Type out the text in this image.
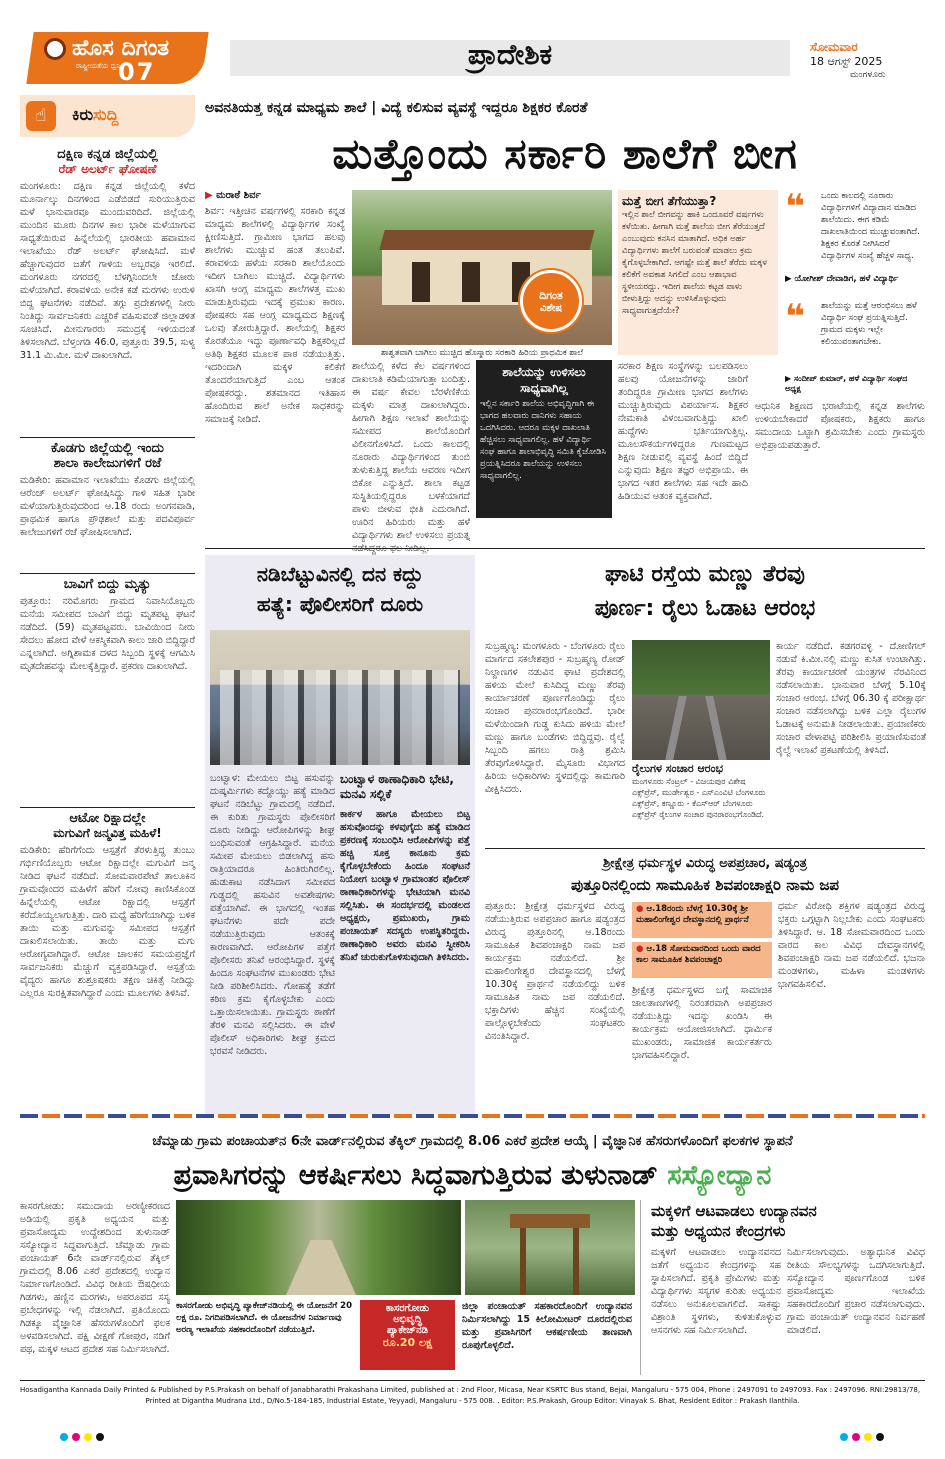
ಹೊಸ ದಿಗಂತ
ರಾಷ್ಟ್ರೀಯತೆಯ ಧ್ವನಿ
07
ಪ್ರಾದೇಶಿಕ	ಸೋಮವಾರ
18 ಆಗಸ್ಟ್ 2025
ಮಂಗಳೂರು
☝	ಕಿರುಸುದ್ದಿ
ದಕ್ಷಿಣ ಕನ್ನಡ ಜಿಲ್ಲೆಯಲ್ಲಿ
ರೆಡ್ ಅಲರ್ಟ್ ಘೋಷಣೆ
ಮಂಗಳೂರು: ದಕ್ಷಿಣ ಕನ್ನಡ ಜಿಲ್ಲೆಯಲ್ಲಿ ಕಳೆದ ಮೂರ್ನಾಲ್ಕು ದಿನಗಳಿಂದ ಎಡೆಬಿಡದೆ ಸುರಿಯುತ್ತಿರುವ ಮಳೆ ಭಾನುವಾರವೂ ಮುಂದುವರಿದಿದೆ. ಜಿಲ್ಲೆಯಲ್ಲಿ ಮುಂದಿನ ಮೂರು ದಿನಗಳ ಕಾಲ ಭಾರೀ ಮಳೆಯಾಗುವ ಸಾಧ್ಯತೆಯಿರುವ ಹಿನ್ನೆಲೆಯಲ್ಲಿ ಭಾರತೀಯ ಹವಾಮಾನ ಇಲಾಖೆಯು ರೆಡ್ ಅಲರ್ಟ್ ಘೋಷಿಸಿದೆ. ಮಳೆ ಹೆಚ್ಚಾಗುವುದರ ಜತೆಗೆ ಗಾಳಿಯ ಅಬ್ಬರವೂ ಇರಲಿದೆ. ಮಂಗಳೂರು ನಗರದಲ್ಲಿ ಬೆಳಗ್ಗಿನಿಂದಲೇ ಜೋರು ಮಳೆಯಾಗಿದೆ. ಕರಾವಳಿಯ ಅನೇಕ ಕಡೆ ಮರಗಳು ಉರುಳಿ ಬಿದ್ದ ಘಟನೆಗಳು ನಡೆದಿವೆ. ತಗ್ಗು ಪ್ರದೇಶಗಳಲ್ಲಿ ನೀರು ನಿಂತಿದ್ದು ಸಾರ್ವಜನಿಕರು ಎಚ್ಚರಿಕೆ ವಹಿಸುವಂತೆ ಜಿಲ್ಲಾಡಳಿತ ಸೂಚಿಸಿದೆ. ಮೀನುಗಾರರು ಸಮುದ್ರಕ್ಕೆ ಇಳಿಯದಂತೆ ತಿಳಿಸಲಾಗಿದೆ. ಬೆಳ್ತಂಗಡಿ 46.0, ಪುತ್ತೂರು 39.5, ಸುಳ್ಯ 31.1 ಮಿ.ಮೀ. ಮಳೆ ದಾಖಲಾಗಿದೆ.
ಕೊಡಗು ಜಿಲ್ಲೆಯಲ್ಲಿ ಇಂದು
ಶಾಲಾ ಕಾಲೇಜುಗಳಿಗೆ ರಜೆ
ಮಡಿಕೇರಿ: ಹವಾಮಾನ ಇಲಾಖೆಯು ಕೊಡಗು ಜಿಲ್ಲೆಯಲ್ಲಿ ಆರೆಂಜ್ ಅಲರ್ಟ್ ಘೋಷಿಸಿದ್ದು ಗಾಳಿ ಸಹಿತ ಭಾರೀ ಮಳೆಯಾಗುತ್ತಿರುವುದರಿಂದ ಆ.18 ರಂದು ಅಂಗನವಾಡಿ, ಪ್ರಾಥಮಿಕ ಹಾಗೂ ಪ್ರೌಢಶಾಲೆ ಮತ್ತು ಪದವಿಪೂರ್ವ ಕಾಲೇಜುಗಳಿಗೆ ರಜೆ ಘೋಷಿಸಲಾಗಿದೆ.
ಬಾವಿಗೆ ಬಿದ್ದು ಮೃತ್ಯು
ಪುತ್ತೂರು: ನರಿಮೊಗರು ಗ್ರಾಮದ ನಿವಾಸಿಯೊಬ್ಬರು ಮನೆಯ ಸಮೀಪದ ಬಾವಿಗೆ ಬಿದ್ದು ಮೃತಪಟ್ಟ ಘಟನೆ ನಡೆದಿದೆ. (59) ಮೃತಪಟ್ಟವರು. ಬಾವಿಯಿಂದ ನೀರು ಸೇದಲು ಹೋದ ವೇಳೆ ಆಕಸ್ಮಿಕವಾಗಿ ಕಾಲು ಜಾರಿ ಬಿದ್ದಿದ್ದಾರೆ ಎನ್ನಲಾಗಿದೆ. ಅಗ್ನಿಶಾಮಕ ದಳದ ಸಿಬ್ಬಂದಿ ಸ್ಥಳಕ್ಕೆ ಆಗಮಿಸಿ ಮೃತದೇಹವನ್ನು ಮೇಲಕ್ಕೆತ್ತಿದ್ದಾರೆ. ಪ್ರಕರಣ ದಾಖಲಾಗಿದೆ.
ಆಟೋ ರಿಕ್ಷಾದಲ್ಲೇ
ಮಗುವಿಗೆ ಜನ್ಮವಿತ್ತ ಮಹಿಳೆ!
ಮಡಿಕೇರಿ: ಹೆರಿಗೆಗೆಂದು ಆಸ್ಪತ್ರೆಗೆ ತೆರಳುತ್ತಿದ್ದ ತುಂಬು ಗರ್ಭಿಣಿಯೊಬ್ಬರು ಆಟೋ ರಿಕ್ಷಾದಲ್ಲೇ ಮಗುವಿಗೆ ಜನ್ಮ ನೀಡಿದ ಘಟನೆ ನಡೆದಿದೆ. ಸೋಮವಾರಪೇಟೆ ತಾಲೂಕಿನ ಗ್ರಾಮವೊಂದರ ಮಹಿಳೆಗೆ ಹೆರಿಗೆ ನೋವು ಕಾಣಿಸಿಕೊಂಡ ಹಿನ್ನೆಲೆಯಲ್ಲಿ ಆಟೋ ರಿಕ್ಷಾದಲ್ಲಿ ಆಸ್ಪತ್ರೆಗೆ ಕರೆದೊಯ್ಯಲಾಗುತ್ತಿತ್ತು. ದಾರಿ ಮಧ್ಯೆ ಹೆರಿಗೆಯಾಗಿದ್ದು ಬಳಿಕ ತಾಯಿ ಮತ್ತು ಮಗುವನ್ನು ಸಮೀಪದ ಆಸ್ಪತ್ರೆಗೆ ದಾಖಲಿಸಲಾಯಿತು. ತಾಯಿ ಮತ್ತು ಮಗು ಆರೋಗ್ಯವಾಗಿದ್ದಾರೆ. ಆಟೋ ಚಾಲಕನ ಸಮಯಪ್ರಜ್ಞೆಗೆ ಸಾರ್ವಜನಿಕರು ಮೆಚ್ಚುಗೆ ವ್ಯಕ್ತಪಡಿಸಿದ್ದಾರೆ. ಆಸ್ಪತ್ರೆಯ ವೈದ್ಯರು ಹಾಗೂ ಶುಶ್ರೂಷಕರು ತಕ್ಷಣ ಚಿಕಿತ್ಸೆ ನೀಡಿದ್ದು ಎಲ್ಲರೂ ಸುರಕ್ಷಿತವಾಗಿದ್ದಾರೆ ಎಂದು ಮೂಲಗಳು ತಿಳಿಸಿವೆ.
ಅವನತಿಯತ್ತ ಕನ್ನಡ ಮಾಧ್ಯಮ ಶಾಲೆ | ವಿದ್ಯೆ ಕಲಿಸುವ ವ್ಯವಸ್ಥೆ ಇದ್ದರೂ ಶಿಕ್ಷಕರ ಕೊರತೆ
ಮತ್ತೊಂದು ಸರ್ಕಾರಿ ಶಾಲೆಗೆ ಬೀಗ
▶ ಮರಾಠೆ ಶಿರ್ವ
ಶಿರ್ವ: ಇತ್ತೀಚಿನ ವರ್ಷಗಳಲ್ಲಿ ಸರಕಾರಿ ಕನ್ನಡ ಮಾಧ್ಯಮ ಶಾಲೆಗಳಲ್ಲಿ ವಿದ್ಯಾರ್ಥಿಗಳ ಸಂಖ್ಯೆ ಕ್ಷೀಣಿಸುತ್ತಿದೆ. ಗ್ರಾಮೀಣ ಭಾಗದ ಹಲವು ಶಾಲೆಗಳು ಮುಚ್ಚುವ ಹಂತ ತಲುಪಿವೆ. ಕರಾವಳಿಯ ಹಳೆಯ ಸರಕಾರಿ ಶಾಲೆಯೊಂದು ಇದೀಗ ಬಾಗಿಲು ಮುಚ್ಚಿದೆ. ವಿದ್ಯಾರ್ಥಿಗಳು ಖಾಸಗಿ ಆಂಗ್ಲ ಮಾಧ್ಯಮ ಶಾಲೆಗಳತ್ತ ಮುಖ ಮಾಡುತ್ತಿರುವುದು ಇದಕ್ಕೆ ಪ್ರಮುಖ ಕಾರಣ. ಪೋಷಕರು ಸಹ ಆಂಗ್ಲ ಮಾಧ್ಯಮದ ಶಿಕ್ಷಣಕ್ಕೆ ಒಲವು ತೋರುತ್ತಿದ್ದಾರೆ. ಶಾಲೆಯಲ್ಲಿ ಶಿಕ್ಷಕರ ಕೊರತೆಯೂ ಇದ್ದು ಪೂರ್ಣಾವಧಿ ಶಿಕ್ಷಕರಿಲ್ಲದೆ ಅತಿಥಿ ಶಿಕ್ಷಕರ ಮೂಲಕ ಪಾಠ ನಡೆಯುತ್ತಿತ್ತು. ಇದರಿಂದಾಗಿ ಮಕ್ಕಳ ಕಲಿಕೆಗೆ ತೊಂದರೆಯಾಗುತ್ತಿದೆ ಎಂಬ ಆತಂಕ ಪೋಷಕರದ್ದು. ಶತಮಾನದ ಇತಿಹಾಸ ಹೊಂದಿರುವ ಶಾಲೆ ಅನೇಕ ಸಾಧಕರನ್ನು ಸಮಾಜಕ್ಕೆ ನೀಡಿದೆ.
ದಿಗಂತ
ವಿಶೇಷ
ಶಾಶ್ವತವಾಗಿ ಬಾಗಿಲು ಮುಚ್ಚಿದ ಹೊಸ್ಮಾರು ಸರಕಾರಿ ಹಿರಿಯ ಪ್ರಾಥಮಿಕ ಶಾಲೆ
ಶಾಲೆಯಲ್ಲಿ ಕಳೆದ ಕೆಲ ವರ್ಷಗಳಿಂದ ದಾಖಲಾತಿ ಕಡಿಮೆಯಾಗುತ್ತಾ ಬಂದಿತ್ತು. ಈ ವರ್ಷ ಕೇವಲ ಬೆರಳೆಣಿಕೆಯ ಮಕ್ಕಳು ಮಾತ್ರ ದಾಖಲಾಗಿದ್ದರು. ಹೀಗಾಗಿ ಶಿಕ್ಷಣ ಇಲಾಖೆ ಶಾಲೆಯನ್ನು ಸಮೀಪದ ಶಾಲೆಯೊಂದಿಗೆ ವಿಲೀನಗೊಳಿಸಿದೆ. ಒಂದು ಕಾಲದಲ್ಲಿ ನೂರಾರು ವಿದ್ಯಾರ್ಥಿಗಳಿಂದ ತುಂಬಿ ತುಳುಕುತ್ತಿದ್ದ ಶಾಲೆಯ ಆವರಣ ಇದೀಗ ಬಿಕೋ ಎನ್ನುತ್ತಿದೆ. ಶಾಲಾ ಕಟ್ಟಡ ಸುಸ್ಥಿತಿಯಲ್ಲಿದ್ದರೂ ಬಳಕೆಯಾಗದೆ ಪಾಳು ಬೀಳುವ ಭೀತಿ ಎದುರಾಗಿದೆ. ಊರಿನ ಹಿರಿಯರು ಮತ್ತು ಹಳೆ ವಿದ್ಯಾರ್ಥಿಗಳು ಶಾಲೆ ಉಳಿಸಲು ಪ್ರಯತ್ನ
ಶಾಲೆಯನ್ನು ಉಳಿಸಲು ಸಾಧ್ಯವಾಗಿಲ್ಲ
ಇಲ್ಲಿನ ಸರ್ಕಾರಿ ಶಾಲೆಯ ಅಭಿವೃದ್ಧಿಗಾಗಿ ಈ ಭಾಗದ ಹಲವಾರು ದಾನಿಗಳು ಸಹಾಯ ಒದಗಿಸಿದರು. ಆದರೂ ಮಕ್ಕಳ ದಾಖಲಾತಿ ಹೆಚ್ಚಿಸಲು ಸಾಧ್ಯವಾಗಲಿಲ್ಲ. ಹಳೆ ವಿದ್ಯಾರ್ಥಿ ಸಂಘ ಹಾಗೂ ಶಾಲಾಭಿವೃದ್ಧಿ ಸಮಿತಿ ಕೈಜೋಡಿಸಿ ಪ್ರಯತ್ನಿಸಿದರೂ ಶಾಲೆಯನ್ನು ಉಳಿಸಲು ಸಾಧ್ಯವಾಗಲಿಲ್ಲ.
ಸರಕಾರ ಶಿಕ್ಷಣ ಸಂಸ್ಥೆಗಳನ್ನು ಬಲಪಡಿಸಲು ಹಲವು ಯೋಜನೆಗಳನ್ನು ಜಾರಿಗೆ ತಂದಿದ್ದರೂ ಗ್ರಾಮೀಣ ಭಾಗದ ಶಾಲೆಗಳು ಮುಚ್ಚುತ್ತಿರುವುದು ವಿಪರ್ಯಾಸ. ಶಿಕ್ಷಕರ ನೇಮಕಾತಿ ವಿಳಂಬವಾಗುತ್ತಿದ್ದು ಖಾಲಿ ಹುದ್ದೆಗಳು ಭರ್ತಿಯಾಗುತ್ತಿಲ್ಲ. ಮೂಲಸೌಕರ್ಯಗಳಿದ್ದರೂ ಗುಣಮಟ್ಟದ ಶಿಕ್ಷಣ ನೀಡುವಲ್ಲಿ ವ್ಯವಸ್ಥೆ ಹಿಂದೆ ಬಿದ್ದಿದೆ ಎನ್ನುವುದು ಶಿಕ್ಷಣ ತಜ್ಞರ ಅಭಿಪ್ರಾಯ. ಈ ಭಾಗದ ಇತರ ಶಾಲೆಗಳು ಸಹ ಇದೇ ಹಾದಿ ಹಿಡಿಯುವ ಆತಂಕ ವ್ಯಕ್ತವಾಗಿದೆ.
ಮತ್ತೆ ಬೀಗ ತೆಗೆಯುತ್ತಾ?
ಇಲ್ಲಿನ ಶಾಲೆ ಬೀಗವನ್ನು ಹಾಕಿ ಒಂದೂವರೆ ವರ್ಷಗಳು ಕಳೆಯಿತು. ಹೀಗಾಗಿ ಮತ್ತೆ ಶಾಲೆಯ ಬೀಗ ತೆರೆಯುತ್ತದೆ ಎಂಬುವುದು ಕನಸಿನ ಮಾತಾಗಿದೆ. ಅಧಿಕ ಅರ್ಹ ವಿದ್ಯಾರ್ಥಿಗಳು ಶಾಲೆಗೆ ಬರುವಂತೆ ಮಾಡಲು ಕ್ರಮ ಕೈಗೊಳ್ಳಬೇಕಾಗಿದೆ. ಆಗಷ್ಟೇ ಮತ್ತೆ ಶಾಲೆ ತೆರೆದು ಮಕ್ಕಳ ಕಲಿಕೆಗೆ ಅವಕಾಶ ಸಿಗಲಿದೆ ಎಂಬ ಆಶಾಭಾವ ಸ್ಥಳೀಯರದ್ದು. ಇದೀಗ ಶಾಲೆಯ ಕಟ್ಟಡ ಪಾಳು ಬೀಳುತ್ತಿದ್ದು ಅದನ್ನು ಉಳಿಸಿಕೊಳ್ಳುವುದು ಸಾಧ್ಯವಾಗುತ್ತದೆಯೇ?
❝ ಒಂದು ಕಾಲದಲ್ಲಿ ನೂರಾರು ವಿದ್ಯಾರ್ಥಿಗಳಿಗೆ ವಿದ್ಯಾದಾನ ಮಾಡಿದ ಶಾಲೆಯಿದು. ಈಗ ಕಡಿಮೆ ದಾಖಲಾತಿಯಿಂದ ಮುಚ್ಚುವಂತಾಗಿದೆ. ಶಿಕ್ಷಕರ ಕೊರತೆ ನೀಗಿಸಿದರೆ ವಿದ್ಯಾರ್ಥಿಗಳ ಸಂಖ್ಯೆ ಹೆಚ್ಚಳ ಸಾಧ್ಯ.
▶ ಯೋಗೀಶ್ ದೇವಾಡಿಗ, ಹಳೆ ವಿದ್ಯಾರ್ಥಿ
❝ ಶಾಲೆಯನ್ನು ಮತ್ತೆ ಆರಂಭಿಸಲು ಹಳೆ ವಿದ್ಯಾರ್ಥಿ ಸಂಘ ಪ್ರಯತ್ನಿಸುತ್ತಿದೆ. ಗ್ರಾಮದ ಮಕ್ಕಳು ಇಲ್ಲೇ ಕಲಿಯುವಂತಾಗಬೇಕು.
▶ ಸಂದೀಪ್ ಕುಮಾರ್, ಹಳೆ ವಿದ್ಯಾರ್ಥಿ ಸಂಘದ ಅಧ್ಯಕ್ಷ
ಆಧುನಿಕ ಶಿಕ್ಷಣದ ಭರಾಟೆಯಲ್ಲಿ ಕನ್ನಡ ಶಾಲೆಗಳು ಉಳಿಯಬೇಕಾದರೆ ಪೋಷಕರು, ಶಿಕ್ಷಕರು ಹಾಗೂ ಸಮುದಾಯ ಒಟ್ಟಾಗಿ ಶ್ರಮಿಸಬೇಕು ಎಂದು ಗ್ರಾಮಸ್ಥರು ಅಭಿಪ್ರಾಯಪಡುತ್ತಾರೆ.
ನಡಿಬೆಟ್ಟುವಿನಲ್ಲಿ ದನ ಕದ್ದು
ಹತ್ಯೆ: ಪೊಲೀಸರಿಗೆ ದೂರು
ಬಂಟ್ವಾಳ: ಮೇಯಲು ಬಿಟ್ಟ ಹಸುವನ್ನು ದುಷ್ಕರ್ಮಿಗಳು ಕದ್ದೊಯ್ದು ಹತ್ಯೆ ಮಾಡಿದ ಘಟನೆ ನಡಿಬೆಟ್ಟು ಗ್ರಾಮದಲ್ಲಿ ನಡೆದಿದೆ. ಈ ಕುರಿತು ಗ್ರಾಮಸ್ಥರು ಪೊಲೀಸರಿಗೆ ದೂರು ನೀಡಿದ್ದು ಆರೋಪಿಗಳನ್ನು ಶೀಘ್ರ ಬಂಧಿಸುವಂತೆ ಆಗ್ರಹಿಸಿದ್ದಾರೆ. ಮನೆಯ ಸಮೀಪ ಮೇಯಲು ಬಿಡಲಾಗಿದ್ದ ಹಸು ರಾತ್ರಿಯಾದರೂ ಹಿಂತಿರುಗಿರಲಿಲ್ಲ. ಹುಡುಕಾಟ ನಡೆಸಿದಾಗ ಸಮೀಪದ ಗುಡ್ಡದಲ್ಲಿ ಹಸುವಿನ ಅವಶೇಷಗಳು ಪತ್ತೆಯಾಗಿವೆ. ಈ ಭಾಗದಲ್ಲಿ ಇಂತಹ ಘಟನೆಗಳು ಪದೇ ಪದೇ ನಡೆಯುತ್ತಿರುವುದು ಆತಂಕಕ್ಕೆ ಕಾರಣವಾಗಿದೆ. ಆರೋಪಿಗಳ ಪತ್ತೆಗೆ ಪೊಲೀಸರು ತನಿಖೆ ಆರಂಭಿಸಿದ್ದಾರೆ. ಸ್ಥಳಕ್ಕೆ ಹಿಂದೂ ಸಂಘಟನೆಗಳ ಮುಖಂಡರು ಭೇಟಿ ನೀಡಿ ಪರಿಶೀಲಿಸಿದರು. ಗೋಹತ್ಯೆ ತಡೆಗೆ ಕಠಿಣ ಕ್ರಮ ಕೈಗೊಳ್ಳಬೇಕು ಎಂದು ಒತ್ತಾಯಿಸಲಾಯಿತು. ಗ್ರಾಮಸ್ಥರು ಠಾಣೆಗೆ ತೆರಳಿ ಮನವಿ ಸಲ್ಲಿಸಿದರು. ಈ ವೇಳೆ ಪೊಲೀಸ್ ಅಧಿಕಾರಿಗಳು ಶೀಘ್ರ ಕ್ರಮದ ಭರವಸೆ ನೀಡಿದರು.
ಬಂಟ್ವಾಳ ಠಾಣಾಧಿಕಾರಿ ಭೇಟಿ, ಮನವಿ ಸಲ್ಲಿಕೆ
ಕಾರ್ಕಳ ಹಾಗೂ ಮೇಯಲು ಬಿಟ್ಟ ಹಸುವೊಂದನ್ನು ಕಳವುಗೈದು ಹತ್ಯೆ ಮಾಡಿದ ಪ್ರಕರಣಕ್ಕೆ ಸಂಬಂಧಿಸಿ ಆರೋಪಿಗಳನ್ನು ಪತ್ತೆ ಹಚ್ಚಿ ಸೂಕ್ತ ಕಾನೂನು ಕ್ರಮ ಕೈಗೊಳ್ಳಬೇಕೆಂದು ಹಿಂದೂ ಸಂಘಟನೆ ನಿಯೋಗ ಬಂಟ್ವಾಳ ಗ್ರಾಮಾಂತರ ಪೊಲೀಸ್ ಠಾಣಾಧಿಕಾರಿಗಳನ್ನು ಭೇಟಿಯಾಗಿ ಮನವಿ ಸಲ್ಲಿಸಿತು. ಈ ಸಂದರ್ಭದಲ್ಲಿ ಮಂಡಲದ ಅಧ್ಯಕ್ಷರು, ಪ್ರಮುಖರು, ಗ್ರಾಮ ಪಂಚಾಯತ್ ಸದಸ್ಯರು ಉಪಸ್ಥಿತರಿದ್ದರು. ಠಾಣಾಧಿಕಾರಿ ಅವರು ಮನವಿ ಸ್ವೀಕರಿಸಿ ತನಿಖೆ ಚುರುಕುಗೊಳಿಸುವುದಾಗಿ ತಿಳಿಸಿದರು.
ಘಾಟಿ ರಸ್ತೆಯ ಮಣ್ಣು ತೆರವು
ಪೂರ್ಣ: ರೈಲು ಓಡಾಟ ಆರಂಭ
ಸುಬ್ರಹ್ಮಣ್ಯ: ಮಂಗಳೂರು - ಬೆಂಗಳೂರು ರೈಲು ಮಾರ್ಗದ ಸಕಲೇಶಪುರ - ಸುಬ್ರಹ್ಮಣ್ಯ ರೋಡ್ ನಿಲ್ದಾಣಗಳ ನಡುವಿನ ಘಾಟಿ ಪ್ರದೇಶದಲ್ಲಿ ಹಳಿಯ ಮೇಲೆ ಕುಸಿದಿದ್ದ ಮಣ್ಣು ತೆರವು ಕಾರ್ಯಾಚರಣೆ ಪೂರ್ಣಗೊಂಡಿದ್ದು ರೈಲು ಸಂಚಾರ ಪುನರಾರಂಭಗೊಂಡಿದೆ. ಭಾರೀ ಮಳೆಯಿಂದಾಗಿ ಗುಡ್ಡ ಕುಸಿದು ಹಳಿಯ ಮೇಲೆ ಮಣ್ಣು ಹಾಗೂ ಬಂಡೆಗಳು ಬಿದ್ದಿದ್ದವು. ರೈಲ್ವೆ ಸಿಬ್ಬಂದಿ ಹಗಲು ರಾತ್ರಿ ಶ್ರಮಿಸಿ ತೆರವುಗೊಳಿಸಿದ್ದಾರೆ. ಮೈಸೂರು ವಿಭಾಗದ ಹಿರಿಯ ಅಧಿಕಾರಿಗಳು ಸ್ಥಳದಲ್ಲಿದ್ದು ಕಾಮಗಾರಿ ವೀಕ್ಷಿಸಿದರು.
ರೈಲುಗಳ ಸಂಚಾರ ಆರಂಭ
ಮಂಗಳೂರು ಸೆಂಟ್ರಲ್ - ವಿಜಯಪುರ ವಿಶೇಷ ಎಕ್ಸ್‌ಪ್ರೆಸ್, ಮುರ್ಡೇಶ್ವರ - ಎಸ್‌ಎಂವಿಟಿ ಬೆಂಗಳೂರು ಎಕ್ಸ್‌ಪ್ರೆಸ್, ಕಣ್ಣೂರು - ಕೆಎಸ್‌ಆರ್ ಬೆಂಗಳೂರು ಎಕ್ಸ್‌ಪ್ರೆಸ್ ರೈಲುಗಳ ಸಂಚಾರ ಪುನರಾರಂಭಗೊಂಡಿದೆ.
ಕಾರ್ಯ ನಡೆದಿದೆ. ಕಡಗರವಳ್ಳಿ - ದೋಣಿಗಲ್ ನಡುವೆ ಕಿ.ಮೀ.ನಲ್ಲಿ ಮಣ್ಣು ಕುಸಿತ ಉಂಟಾಗಿತ್ತು. ತೆರವು ಕಾರ್ಯಾಚರಣೆ ಯಂತ್ರಗಳ ನೆರವಿನಿಂದ ನಡೆಸಲಾಯಿತು. ಭಾನುವಾರ ಬೆಳಗ್ಗೆ 5.10ಕ್ಕೆ ಸಂಚಾರ ಆರಂಭ. ಬೆಳಗ್ಗೆ 06.30 ಕ್ಕೆ ಪರೀಕ್ಷಾರ್ಥ ಸಂಚಾರ ನಡೆಸಲಾಗಿದ್ದು ಬಳಿಕ ಎಲ್ಲಾ ರೈಲುಗಳ ಓಡಾಟಕ್ಕೆ ಅನುಮತಿ ನೀಡಲಾಯಿತು. ಪ್ರಯಾಣಿಕರು ಸಂಚಾರ ವೇಳಾಪಟ್ಟಿ ಪರಿಶೀಲಿಸಿ ಪ್ರಯಾಣಿಸುವಂತೆ ರೈಲ್ವೆ ಇಲಾಖೆ ಪ್ರಕಟಣೆಯಲ್ಲಿ ತಿಳಿಸಿದೆ.
ಶ್ರೀಕ್ಷೇತ್ರ ಧರ್ಮಸ್ಥಳ ವಿರುದ್ಧ ಅಪಪ್ರಚಾರ, ಷಡ್ಯಂತ್ರ
ಪುತ್ತೂರಿನಲ್ಲಿಂದು ಸಾಮೂಹಿಕ ಶಿವಪಂಚಾಕ್ಷರಿ ನಾಮ ಜಪ
ಪುತ್ತೂರು: ಶ್ರೀಕ್ಷೇತ್ರ ಧರ್ಮಸ್ಥಳದ ವಿರುದ್ಧ ನಡೆಯುತ್ತಿರುವ ಅಪಪ್ರಚಾರ ಹಾಗೂ ಷಡ್ಯಂತ್ರದ ವಿರುದ್ಧ ಪುತ್ತೂರಿನಲ್ಲಿ ಆ.18ರಂದು ಸಾಮೂಹಿಕ ಶಿವಪಂಚಾಕ್ಷರಿ ನಾಮ ಜಪ ಕಾರ್ಯಕ್ರಮ ನಡೆಯಲಿದೆ. ಶ್ರೀ ಮಹಾಲಿಂಗೇಶ್ವರ ದೇವಸ್ಥಾನದಲ್ಲಿ ಬೆಳಗ್ಗೆ 10.30ಕ್ಕೆ ಪ್ರಾರ್ಥನೆ ನಡೆಯಲಿದ್ದು ಬಳಿಕ ಸಾಮೂಹಿಕ ನಾಮ ಜಪ ನಡೆಯಲಿದೆ. ಭಕ್ತಾದಿಗಳು ಹೆಚ್ಚಿನ ಸಂಖ್ಯೆಯಲ್ಲಿ ಪಾಲ್ಗೊಳ್ಳಬೇಕೆಂದು ಸಂಘಟಕರು ವಿನಂತಿಸಿದ್ದಾರೆ.
● ಆ.18ರಂದು ಬೆಳಗ್ಗೆ 10.30ಕ್ಕೆ ಶ್ರೀ ಮಹಾಲಿಂಗೇಶ್ವರ ದೇವಸ್ಥಾನದಲ್ಲಿ ಪ್ರಾರ್ಥನೆ
● ಆ.18 ಸೋಮವಾರದಿಂದ ಒಂದು ವಾರದ ಕಾಲ ಸಾಮೂಹಿಕ ಶಿವಪಂಚಾಕ್ಷರಿ
ಶ್ರೀಕ್ಷೇತ್ರ ಧರ್ಮಸ್ಥಳದ ಬಗ್ಗೆ ಸಾಮಾಜಿಕ ಜಾಲತಾಣಗಳಲ್ಲಿ ನಿರಂತರವಾಗಿ ಅಪಪ್ರಚಾರ ನಡೆಯುತ್ತಿದ್ದು ಇದನ್ನು ಖಂಡಿಸಿ ಈ ಕಾರ್ಯಕ್ರಮ ಆಯೋಜಿಸಲಾಗಿದೆ. ಧಾರ್ಮಿಕ ಮುಖಂಡರು, ಸಾಮಾಜಿಕ ಕಾರ್ಯಕರ್ತರು ಭಾಗವಹಿಸಲಿದ್ದಾರೆ.
ಧರ್ಮ ವಿರೋಧಿ ಶಕ್ತಿಗಳ ಷಡ್ಯಂತ್ರದ ವಿರುದ್ಧ ಭಕ್ತರು ಒಗ್ಗಟ್ಟಾಗಿ ನಿಲ್ಲಬೇಕು ಎಂದು ಸಂಘಟಕರು ತಿಳಿಸಿದ್ದಾರೆ. ಆ. 18 ಸೋಮವಾರದಿಂದ ಒಂದು ವಾರದ ಕಾಲ ವಿವಿಧ ದೇವಸ್ಥಾನಗಳಲ್ಲಿ ಶಿವಪಂಚಾಕ್ಷರಿ ನಾಮ ಜಪ ನಡೆಯಲಿದೆ. ಭಜನಾ ಮಂಡಳಿಗಳು, ಮಹಿಳಾ ಮಂಡಳಿಗಳು ಭಾಗವಹಿಸಲಿವೆ.
ಚೆಮ್ನಾಡು ಗ್ರಾಮ ಪಂಚಾಯತ್‌ನ 6ನೇ ವಾರ್ಡ್‌ನಲ್ಲಿರುವ ತೆಕ್ಕಿಲ್ ಗ್ರಾಮದಲ್ಲಿ 8.06 ಎಕರೆ ಪ್ರದೇಶ ಆಯ್ಕೆ | ವೈಜ್ಞಾನಿಕ ಹೆಸರುಗಳೊಂದಿಗೆ ಫಲಕಗಳ ಸ್ಥಾಪನೆ
ಪ್ರವಾಸಿಗರನ್ನು ಆಕರ್ಷಿಸಲು ಸಿದ್ಧವಾಗುತ್ತಿರುವ ತುಳುನಾಡ್ ಸಸ್ಯೋದ್ಯಾನ
ಕಾಸರಗೋಡು: ಸಮುದಾಯ ಅರಣ್ಯೀಕರಣದ ಅಡಿಯಲ್ಲಿ ಪ್ರಕೃತಿ ಅಧ್ಯಯನ ಮತ್ತು ಪ್ರವಾಸೋದ್ಯಮ ಉದ್ದೇಶದಿಂದ ತುಳುನಾಡ್ ಸಸ್ಯೋದ್ಯಾನ ಸಿದ್ಧವಾಗುತ್ತಿದೆ. ಚೆಮ್ನಾಡು ಗ್ರಾಮ ಪಂಚಾಯತ್ 6ನೇ ವಾರ್ಡ್‌ನಲ್ಲಿರುವ ತೆಕ್ಕಿಲ್ ಗ್ರಾಮದಲ್ಲಿ 8.06 ಎಕರೆ ಪ್ರದೇಶದಲ್ಲಿ ಉದ್ಯಾನ ನಿರ್ಮಾಣಗೊಂಡಿದೆ. ವಿವಿಧ ರೀತಿಯ ಔಷಧೀಯ ಗಿಡಗಳು, ಹಣ್ಣಿನ ಮರಗಳು, ಅಪರೂಪದ ಸಸ್ಯ ಪ್ರಬೇಧಗಳನ್ನು ಇಲ್ಲಿ ನೆಡಲಾಗಿದೆ. ಪ್ರತಿಯೊಂದು ಗಿಡಕ್ಕೂ ವೈಜ್ಞಾನಿಕ ಹೆಸರುಗಳೊಂದಿಗೆ ಫಲಕ ಅಳವಡಿಸಲಾಗಿದೆ. ಪಕ್ಷಿ ವೀಕ್ಷಣೆ ಗೋಪುರ, ನಡಿಗೆ ಪಥ, ಮಕ್ಕಳ ಆಟದ ಪ್ರದೇಶ ಸಹ ನಿರ್ಮಿಸಲಾಗಿದೆ.
ಕಾಸರಗೋಡು ಅಭಿವೃದ್ಧಿ ಪ್ಯಾಕೇಜ್‌ನಡಿಯಲ್ಲಿ ಈ ಯೋಜನೆಗೆ 20 ಲಕ್ಷ ರೂ. ನಿಗದಿಪಡಿಸಲಾಗಿದೆ. ಈ ಯೋಜನೆಗಳ ನಿರ್ಮಾಣವು ಅರಣ್ಯ ಇಲಾಖೆಯ ಸಹಕಾರದೊಂದಿಗೆ ನಡೆಯುತ್ತಿದೆ.
ಕಾಸರಗೋಡು
ಅಭಿವೃದ್ಧಿ
ಪ್ಯಾಕೇಜ್‌ನಡಿ
ರೂ.20 ಲಕ್ಷ
ಜಿಲ್ಲಾ ಪಂಚಾಯತ್ ಸಹಕಾರದೊಂದಿಗೆ ಉದ್ಯಾನವನ ನಿರ್ಮಿಸಲಾಗಿದ್ದು 15 ಕಿಲೋಮೀಟರ್ ದೂರದಲ್ಲಿರುವ ಮತ್ತು ಪ್ರವಾಸಿಗರಿಗೆ ಆಕರ್ಷಣೀಯ ತಾಣವಾಗಿ ರೂಪುಗೊಳ್ಳಲಿದೆ.
ಮಕ್ಕಳಿಗೆ ಆಟವಾಡಲು ಉದ್ಯಾನವನ
ಮತ್ತು ಅಧ್ಯಯನ ಕೇಂದ್ರಗಳು
ಮಕ್ಕಳಿಗೆ ಆಟವಾಡಲು ಉದ್ಯಾನವನದ ಜತೆಗೆ ಅಧ್ಯಯನ ಕೇಂದ್ರಗಳನ್ನು ಸಹ ಸ್ಥಾಪಿಸಲಾಗಿದೆ. ಪ್ರಕೃತಿ ಪ್ರೇಮಿಗಳು ಮತ್ತು ವಿದ್ಯಾರ್ಥಿಗಳು ಸಸ್ಯಗಳ ಕುರಿತು ಅಧ್ಯಯನ ನಡೆಸಲು ಅನುಕೂಲವಾಗಲಿದೆ. ಸಾಕಷ್ಟು ವಿಶ್ರಾಂತಿ ಸ್ಥಳಗಳು, ಕುಳಿತುಕೊಳ್ಳುವ ಆಸನಗಳು ಸಹ ನಿರ್ಮಿಸಲಾಗಿದೆ.
ನಿರ್ಮಿಸಲಾಗುವುದು. ಅತ್ಯಾಧುನಿಕ ವಿವಿಧ ರೀತಿಯ ಸೌಲಭ್ಯಗಳನ್ನು ಒದಗಿಸಲಾಗುತ್ತಿದೆ. ಸಸ್ಯೋದ್ಯಾನ ಪೂರ್ಣಗೊಂಡ ಬಳಿಕ ಪ್ರವಾಸೋದ್ಯಮ ಇಲಾಖೆಯ ಸಹಕಾರದೊಂದಿಗೆ ಪ್ರಚಾರ ನಡೆಸಲಾಗುವುದು. ಗ್ರಾಮ ಪಂಚಾಯತ್ ಉದ್ಯಾನವನ ನಿರ್ವಹಣೆ ಮಾಡಲಿದೆ.
Hosadigantha Kannada Daily Printed & Published by P.S.Prakash on behalf of Janabharathi Prakashana Limited, published at : 2nd Floor, Micasa, Near KSRTC Bus stand, Bejai, Mangaluru - 575 004, Phone : 2497091 to 2497093. Fax : 2497096. RNI:29813/78,
Printed at Digantha Mudrana Ltd., D/No.5-184-185, Industrial Estate, Yeyyadi, Mangaluru - 575 008. . Editor: P.S.Prakash, Group Editor: Vinayak S. Bhat, Resident Editor : Prakash Ilanthila.
